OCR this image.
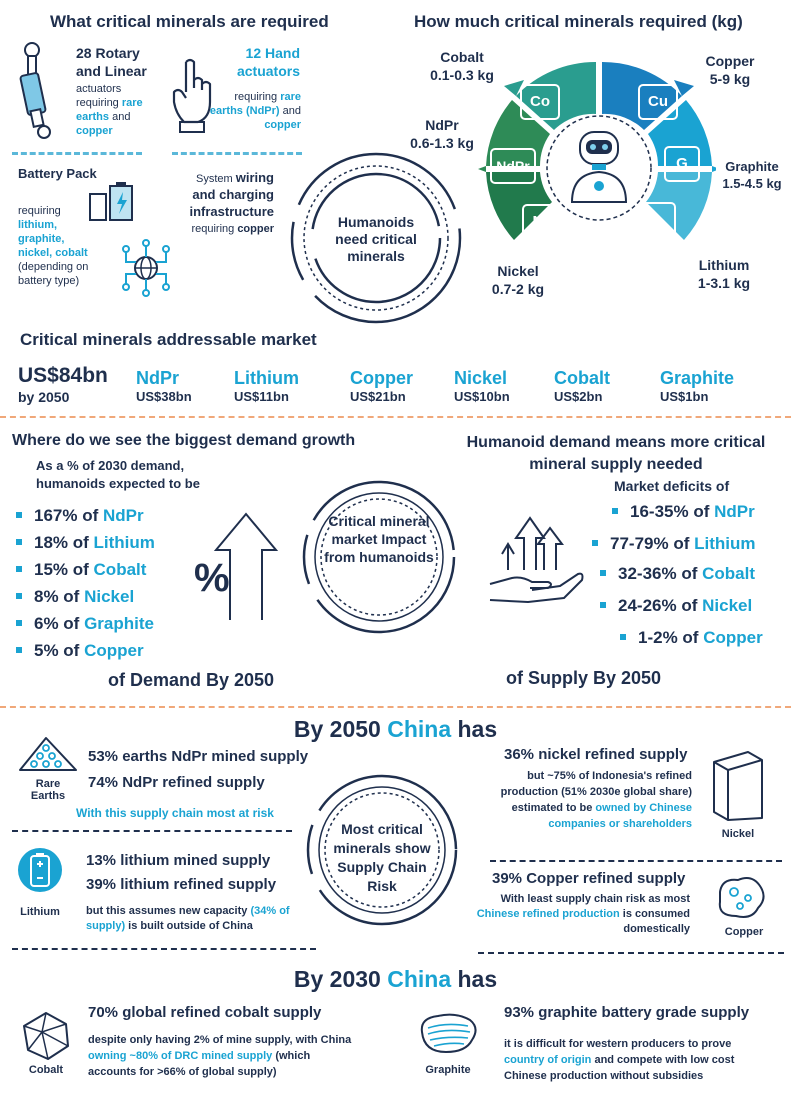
What critical minerals are required
28 Rotary and Linear
actuators requiring rare earths and copper
12 Hand actuators
requiring rare earths (NdPr) and copper
Battery Pack
requiring
lithium, graphite, nickel, cobalt
(depending on battery type)
System wiring
and charging infrastructure
requiring copper	Humanoids need critical minerals
How much critical minerals required (kg)
Co	Cu
NdPr	G
Ni	L
Cobalt
0.1-0.3 kg
Copper
5-9 kg
NdPr
0.6-1.3 kg
Graphite
1.5-4.5 kg
Nickel
0.7-2 kg
Lithium
1-3.1 kg
Critical minerals addressable market
US$84bn
by 2050
NdPr
US$38bn
Lithium
US$11bn
Copper
US$21bn
Nickel
US$10bn
Cobalt
US$2bn
Graphite
US$1bn
Where do we see the biggest demand growth
As a % of 2030 demand, humanoids expected to be
167% of NdPr
18% of Lithium
15% of Cobalt
8% of Nickel
6% of Graphite
5% of Copper
of Demand By 2050
%
Critical mineral market Impact from humanoids
Humanoid demand means more critical mineral supply needed
Market deficits of
16-35% of NdPr
77-79% of Lithium
32-36% of Cobalt
24-26% of Nickel
1-2% of Copper
of Supply By 2050
By 2050 China has
Rare Earths
53% earths NdPr mined supply
74% NdPr refined supply
With this supply chain most at risk
Lithium
13% lithium mined supply
39% lithium refined supply
but this assumes new capacity (34% of supply) is built outside of China
Most critical minerals show Supply Chain Risk
36% nickel refined supply
but ~75% of Indonesia's refined production (51% 2030e global share) estimated to be owned by Chinese companies or shareholders
Nickel
39% Copper refined supply
With least supply chain risk as most Chinese refined production is consumed domestically	Copper
By 2030 China has
Cobalt
70% global refined cobalt supply
despite only having 2% of mine supply, with China owning ~80% of DRC mined supply (which accounts for >66% of global supply)	Graphite
93% graphite battery grade supply
it is difficult for western producers to prove country of origin and compete with low cost Chinese production without subsidies
